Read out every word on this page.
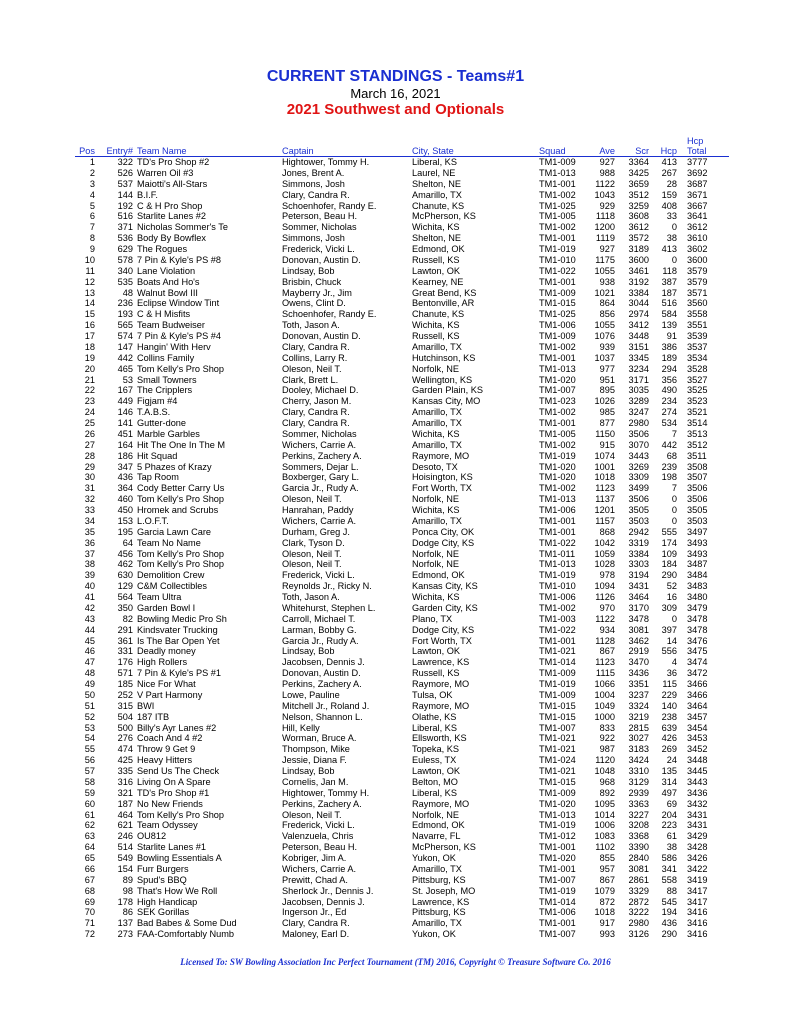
CURRENT STANDINGS - Teams#1
March 16, 2021
2021 Southwest and Optionals
Pos	Entry#	Team Name	Captain	City, State	Squad	Ave	Scr	Hcp	Hcp
Total
1	322	TD's Pro Shop #2	Hightower, Tommy H.	Liberal, KS	TM1-009	927	3364	413	3777
2	526	Warren Oil #3	Jones, Brent A.	Laurel, NE	TM1-013	988	3425	267	3692
3	537	Maiotti's All-Stars	Simmons, Josh	Shelton, NE	TM1-001	1122	3659	28	3687
4	144	B.I.F.	Clary, Candra R.	Amarillo, TX	TM1-002	1043	3512	159	3671
5	192	C & H Pro Shop	Schoenhofer, Randy E.	Chanute, KS	TM1-025	929	3259	408	3667
6	516	Starlite Lanes #2	Peterson, Beau H.	McPherson, KS	TM1-005	1118	3608	33	3641
7	371	Nicholas Sommer's Te	Sommer, Nicholas	Wichita, KS	TM1-002	1200	3612	0	3612
8	536	Body By Bowflex	Simmons, Josh	Shelton, NE	TM1-001	1119	3572	38	3610
9	629	The Rogues	Frederick, Vicki L.	Edmond, OK	TM1-019	927	3189	413	3602
10	578	7 Pin & Kyle's PS #8	Donovan, Austin D.	Russell, KS	TM1-010	1175	3600	0	3600
11	340	Lane Violation	Lindsay, Bob	Lawton, OK	TM1-022	1055	3461	118	3579
12	535	Boats And Ho's	Brisbin, Chuck	Kearney, NE	TM1-001	938	3192	387	3579
13	48	Walnut Bowl III	Mayberry Jr., Jim	Great Bend, KS	TM1-009	1021	3384	187	3571
14	236	Eclipse Window Tint	Owens, Clint D.	Bentonville, AR	TM1-015	864	3044	516	3560
15	193	C & H Misfits	Schoenhofer, Randy E.	Chanute, KS	TM1-025	856	2974	584	3558
16	565	Team Budweiser	Toth, Jason A.	Wichita, KS	TM1-006	1055	3412	139	3551
17	574	7 Pin & Kyle's PS #4	Donovan, Austin D.	Russell, KS	TM1-009	1076	3448	91	3539
18	147	Hangin' With Herv	Clary, Candra R.	Amarillo, TX	TM1-002	939	3151	386	3537
19	442	Collins Family	Collins, Larry R.	Hutchinson, KS	TM1-001	1037	3345	189	3534
20	465	Tom Kelly's Pro Shop	Oleson, Neil T.	Norfolk, NE	TM1-013	977	3234	294	3528
21	53	Small Towners	Clark, Brett L.	Wellington, KS	TM1-020	951	3171	356	3527
22	167	The Cripplers	Dooley, Michael D.	Garden Plain, KS	TM1-007	895	3035	490	3525
23	449	Figjam #4	Cherry, Jason M.	Kansas City, MO	TM1-023	1026	3289	234	3523
24	146	T.A.B.S.	Clary, Candra R.	Amarillo, TX	TM1-002	985	3247	274	3521
25	141	Gutter-done	Clary, Candra R.	Amarillo, TX	TM1-001	877	2980	534	3514
26	451	Marble Garbles	Sommer, Nicholas	Wichita, KS	TM1-005	1150	3506	7	3513
27	164	Hit The One In The M	Wichers, Carrie A.	Amarillo, TX	TM1-002	915	3070	442	3512
28	186	Hit Squad	Perkins, Zachery A.	Raymore, MO	TM1-019	1074	3443	68	3511
29	347	5 Phazes of Krazy	Sommers, Dejar L.	Desoto, TX	TM1-020	1001	3269	239	3508
30	436	Tap Room	Boxberger, Gary L.	Hoisington, KS	TM1-020	1018	3309	198	3507
31	364	Cody Better Carry Us	Garcia Jr., Rudy A.	Fort Worth, TX	TM1-002	1123	3499	7	3506
32	460	Tom Kelly's Pro Shop	Oleson, Neil T.	Norfolk, NE	TM1-013	1137	3506	0	3506
33	450	Hromek and Scrubs	Hanrahan, Paddy	Wichita, KS	TM1-006	1201	3505	0	3505
34	153	L.O.F.T.	Wichers, Carrie A.	Amarillo, TX	TM1-001	1157	3503	0	3503
35	195	Garcia Lawn Care	Durham, Greg J.	Ponca City, OK	TM1-001	868	2942	555	3497
36	64	Team No Name	Clark, Tyson D.	Dodge City, KS	TM1-022	1042	3319	174	3493
37	456	Tom Kelly's Pro Shop	Oleson, Neil T.	Norfolk, NE	TM1-011	1059	3384	109	3493
38	462	Tom Kelly's Pro Shop	Oleson, Neil T.	Norfolk, NE	TM1-013	1028	3303	184	3487
39	630	Demolition Crew	Frederick, Vicki L.	Edmond, OK	TM1-019	978	3194	290	3484
40	129	C&M Collectibles	Reynolds Jr., Ricky N.	Kansas City, KS	TM1-010	1094	3431	52	3483
41	564	Team Ultra	Toth, Jason A.	Wichita, KS	TM1-006	1126	3464	16	3480
42	350	Garden Bowl I	Whitehurst, Stephen L.	Garden City, KS	TM1-002	970	3170	309	3479
43	82	Bowling Medic Pro Sh	Carroll, Michael T.	Plano, TX	TM1-003	1122	3478	0	3478
44	291	Kindsvater Trucking	Larman, Bobby G.	Dodge City, KS	TM1-022	934	3081	397	3478
45	361	Is The Bar Open Yet	Garcia Jr., Rudy A.	Fort Worth, TX	TM1-001	1128	3462	14	3476
46	331	Deadly money	Lindsay, Bob	Lawton, OK	TM1-021	867	2919	556	3475
47	176	High Rollers	Jacobsen, Dennis J.	Lawrence, KS	TM1-014	1123	3470	4	3474
48	571	7 Pin & Kyle's PS #1	Donovan, Austin D.	Russell, KS	TM1-009	1115	3436	36	3472
49	185	Nice For What	Perkins, Zachery A.	Raymore, MO	TM1-019	1066	3351	115	3466
50	252	V Part Harmony	Lowe, Pauline	Tulsa, OK	TM1-009	1004	3237	229	3466
51	315	BWI	Mitchell Jr., Roland J.	Raymore, MO	TM1-015	1049	3324	140	3464
52	504	187 ITB	Nelson, Shannon L.	Olathe, KS	TM1-015	1000	3219	238	3457
53	500	Billy's Ayr Lanes #2	Hill, Kelly	Liberal, KS	TM1-007	833	2815	639	3454
54	276	Coach And 4 #2	Worman, Bruce A.	Ellsworth, KS	TM1-021	922	3027	426	3453
55	474	Throw 9 Get 9	Thompson, Mike	Topeka, KS	TM1-021	987	3183	269	3452
56	425	Heavy Hitters	Jessie, Diana F.	Euless, TX	TM1-024	1120	3424	24	3448
57	335	Send Us The Check	Lindsay, Bob	Lawton, OK	TM1-021	1048	3310	135	3445
58	316	Living On A Spare	Cornelis, Jan M.	Belton, MO	TM1-015	968	3129	314	3443
59	321	TD's Pro Shop #1	Hightower, Tommy H.	Liberal, KS	TM1-009	892	2939	497	3436
60	187	No New Friends	Perkins, Zachery A.	Raymore, MO	TM1-020	1095	3363	69	3432
61	464	Tom Kelly's Pro Shop	Oleson, Neil T.	Norfolk, NE	TM1-013	1014	3227	204	3431
62	621	Team Odyssey	Frederick, Vicki L.	Edmond, OK	TM1-019	1006	3208	223	3431
63	246	OU812	Valenzuela, Chris	Navarre, FL	TM1-012	1083	3368	61	3429
64	514	Starlite Lanes #1	Peterson, Beau H.	McPherson, KS	TM1-001	1102	3390	38	3428
65	549	Bowling Essentials A	Kobriger, Jim A.	Yukon, OK	TM1-020	855	2840	586	3426
66	154	Furr Burgers	Wichers, Carrie A.	Amarillo, TX	TM1-001	957	3081	341	3422
67	89	Spud's BBQ	Prewitt, Chad A.	Pittsburg, KS	TM1-007	867	2861	558	3419
68	98	That's How We Roll	Sherlock Jr., Dennis J.	St. Joseph, MO	TM1-019	1079	3329	88	3417
69	178	High Handicap	Jacobsen, Dennis J.	Lawrence, KS	TM1-014	872	2872	545	3417
70	86	SEK Gorillas	Ingerson Jr., Ed	Pittsburg, KS	TM1-006	1018	3222	194	3416
71	137	Bad Babes & Some Dud	Clary, Candra R.	Amarillo, TX	TM1-001	917	2980	436	3416
72	273	FAA-Comfortably Numb	Maloney, Earl D.	Yukon, OK	TM1-007	993	3126	290	3416
Licensed To: SW Bowling Association Inc Perfect Tournament (TM) 2016, Copyright © Treasure Software Co. 2016
